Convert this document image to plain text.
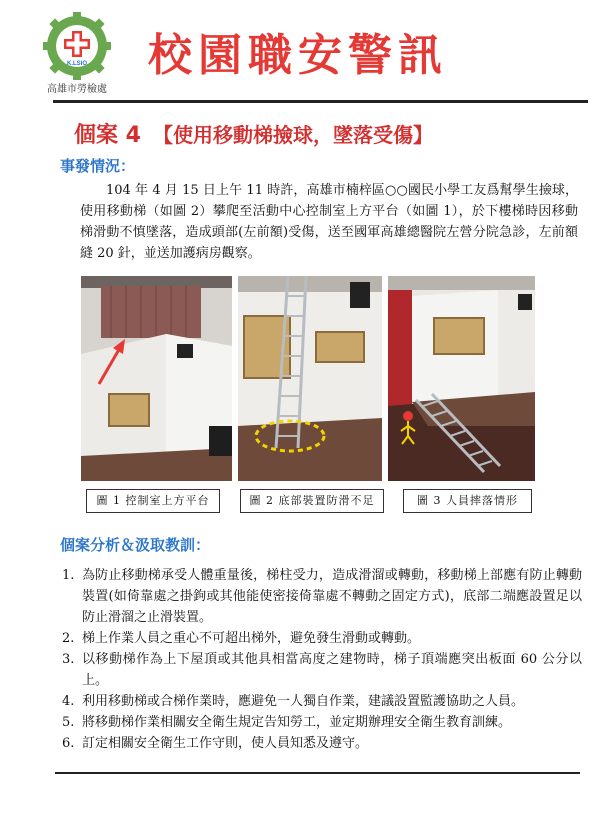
K.LSIO
高雄市勞檢處
校園職安警訊
個案 4 【使用移動梯撿球，墜落受傷】
事發情況：

104 年 4 月 15 日上午 11 時許，高雄市楠梓區○○國民小學工友爲幫學生撿球，使用移動梯（如圖 2）攀爬至活動中心控制室上方平台（如圖 1），於下樓梯時因移動梯滑動不慎墜落，造成頭部(左前額)受傷，送至國軍高雄總醫院左營分院急診，左前額縫 20 針，並送加護病房觀察。

圖 1 控制室上方平台	圖 2 底部裝置防滑不足	圖 3 人員摔落情形
個案分析＆汲取教訓：
1. 為防止移動梯承受人體重量後，梯柱受力，造成滑溜或轉動，移動梯上部應有防止轉動裝置(如倚靠處之掛鉤或其他能使密接倚靠處不轉動之固定方式)，底部二端應設置足以防止滑溜之止滑裝置。
2. 梯上作業人員之重心不可超出梯外，避免發生滑動或轉動。
3. 以移動梯作為上下屋頂或其他具相當高度之建物時，梯子頂端應突出板面 60 公分以上。
4. 利用移動梯或合梯作業時，應避免一人獨自作業，建議設置監護協助之人員。
5. 將移動梯作業相關安全衛生規定告知勞工，並定期辦理安全衛生教育訓練。
6. 訂定相關安全衛生工作守則，使人員知悉及遵守。
